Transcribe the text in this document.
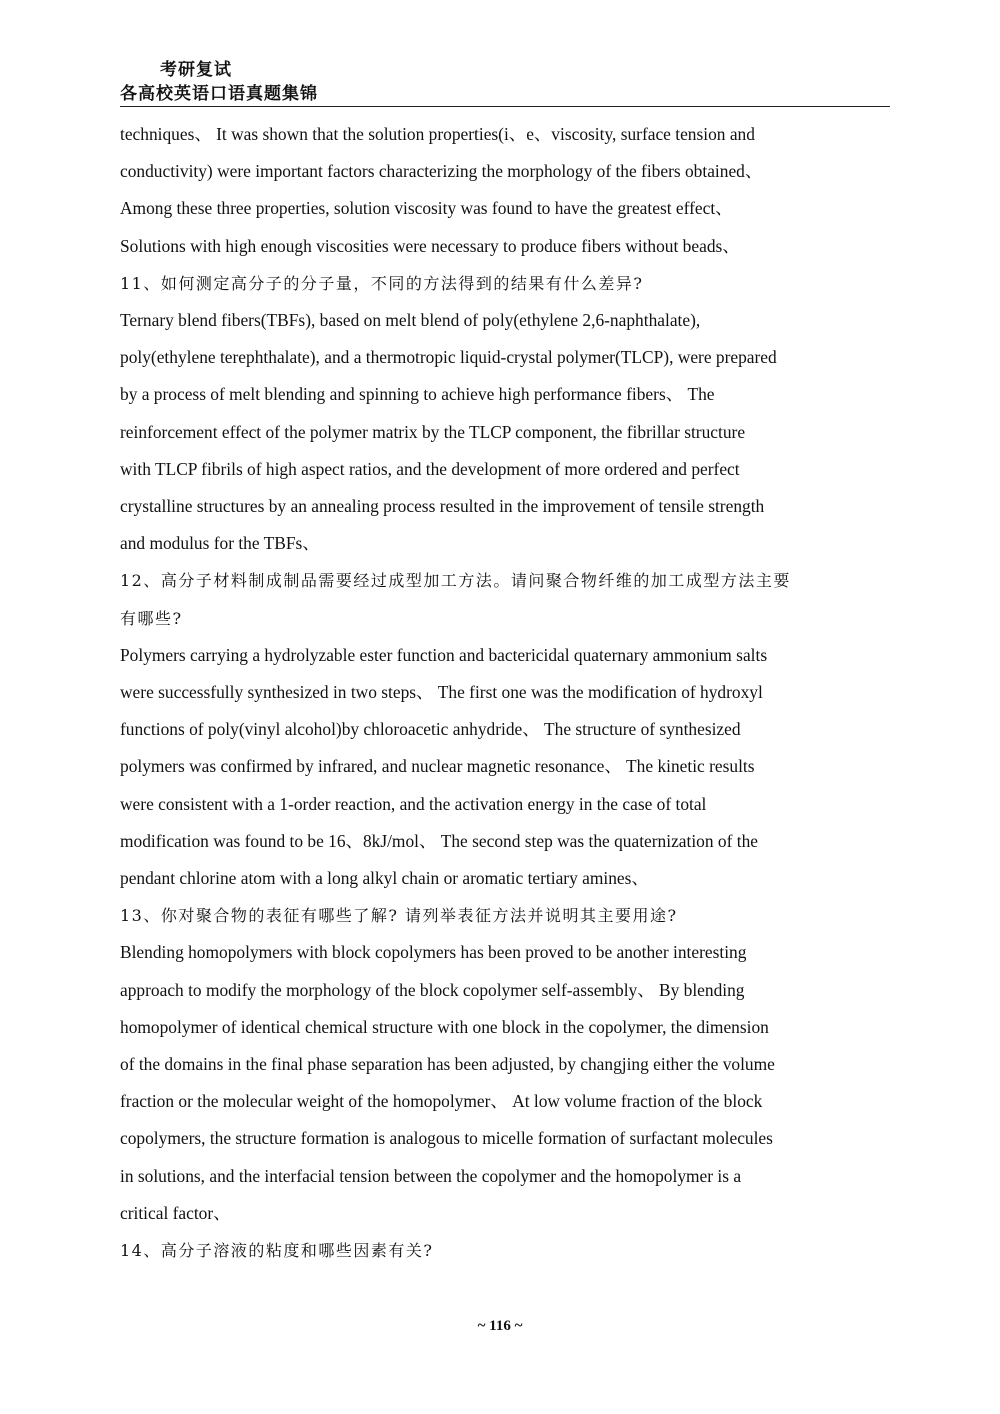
考研复试
各高校英语口语真题集锦
techniques、 It was shown that the solution properties(i、e、viscosity, surface tension and
conductivity) were important factors characterizing the morphology of the fibers obtained、
Among these three properties, solution viscosity was found to have the greatest effect、
Solutions with high enough viscosities were necessary to produce fibers without beads、
11、如何测定高分子的分子量，不同的方法得到的结果有什么差异?
Ternary blend fibers(TBFs), based on melt blend of poly(ethylene 2,6-naphthalate),
poly(ethylene terephthalate), and a thermotropic liquid-crystal polymer(TLCP), were prepared
by a process of melt blending and spinning to achieve high performance fibers、 The
reinforcement effect of the polymer matrix by the TLCP component, the fibrillar structure
with TLCP fibrils of high aspect ratios, and the development of more ordered and perfect
crystalline structures by an annealing process resulted in the improvement of tensile strength
and modulus for the TBFs、
12、高分子材料制成制品需要经过成型加工方法。请问聚合物纤维的加工成型方法主要
有哪些?
Polymers carrying a hydrolyzable ester function and bactericidal quaternary ammonium salts
were successfully synthesized in two steps、 The first one was the modification of hydroxyl
functions of poly(vinyl alcohol)by chloroacetic anhydride、 The structure of synthesized
polymers was confirmed by infrared, and nuclear magnetic resonance、 The kinetic results
were consistent with a 1-order reaction, and the activation energy in the case of total
modification was found to be 16、8kJ/mol、 The second step was the quaternization of the
pendant chlorine atom with a long alkyl chain or aromatic tertiary amines、
13、你对聚合物的表征有哪些了解? 请列举表征方法并说明其主要用途?
Blending homopolymers with block copolymers has been proved to be another interesting
approach to modify the morphology of the block copolymer self-assembly、 By blending
homopolymer of identical chemical structure with one block in the copolymer, the dimension
of the domains in the final phase separation has been adjusted, by changjing either the volume
fraction or the molecular weight of the homopolymer、 At low volume fraction of the block
copolymers, the structure formation is analogous to micelle formation of surfactant molecules
in solutions, and the interfacial tension between the copolymer and the homopolymer is a
critical factor、
14、高分子溶液的粘度和哪些因素有关?
~ 116 ~
